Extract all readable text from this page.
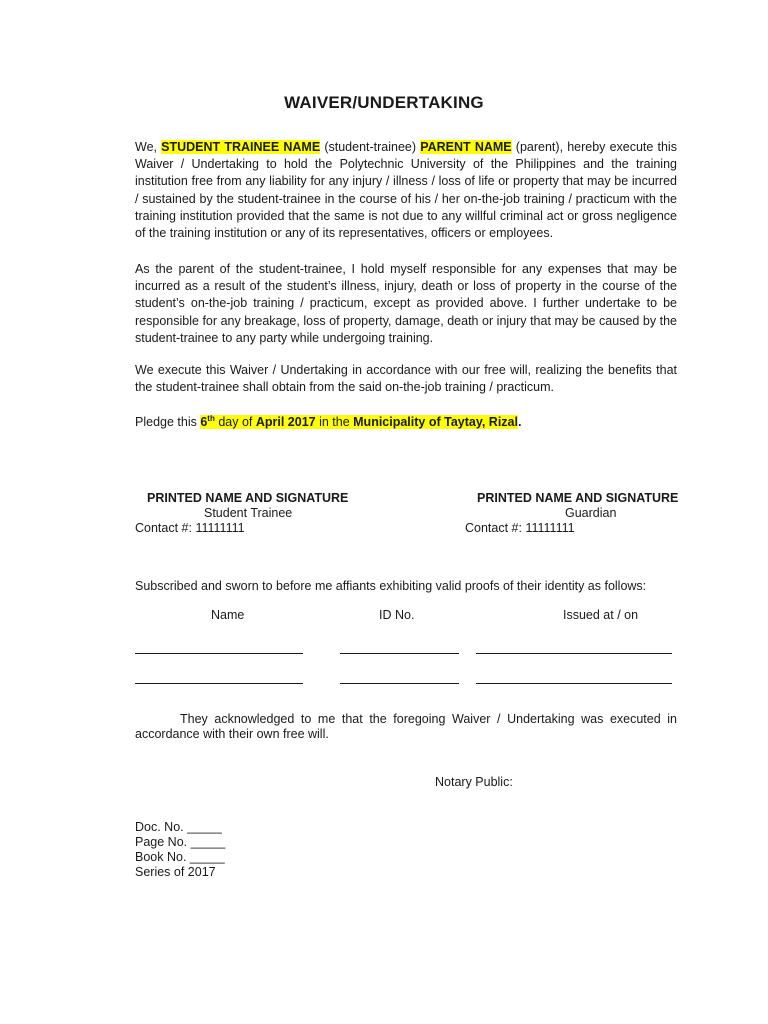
WAIVER/UNDERTAKING

We, STUDENT TRAINEE NAME (student-trainee) PARENT NAME (parent), hereby execute this Waiver / Undertaking to hold the Polytechnic University of the Philippines and the training institution free from any liability for any injury / illness / loss of life or property that may be incurred / sustained by the student-trainee in the course of his / her on-the-job training / practicum with the training institution provided that the same is not due to any willful criminal act or gross negligence of the training institution or any of its representatives, officers or employees.

As the parent of the student-trainee, I hold myself responsible for any expenses that may be incurred as a result of the student’s illness, injury, death or loss of property in the course of the student’s on-the-job training / practicum, except as provided above. I further undertake to be responsible for any breakage, loss of property, damage, death or injury that may be caused by the student-trainee to any party while undergoing training.

We execute this Waiver / Undertaking in accordance with our free will, realizing the benefits that the student-trainee shall obtain from the said on-the-job training / practicum.

Pledge this 6th day of April 2017 in the Municipality of Taytay, Rizal.

PRINTED NAME AND SIGNATURE
Student Trainee
Contact #: 11111111
PRINTED NAME AND SIGNATURE
Guardian
Contact #: 11111111
Subscribed and sworn to before me affiants exhibiting valid proofs of their identity as follows:
Name	ID No.	Issued at / on
They acknowledged to me that the foregoing Waiver / Undertaking was executed in accordance with their own free will.
Notary Public:
Doc. No. _____
Page No. _____
Book No. _____
Series of 2017
